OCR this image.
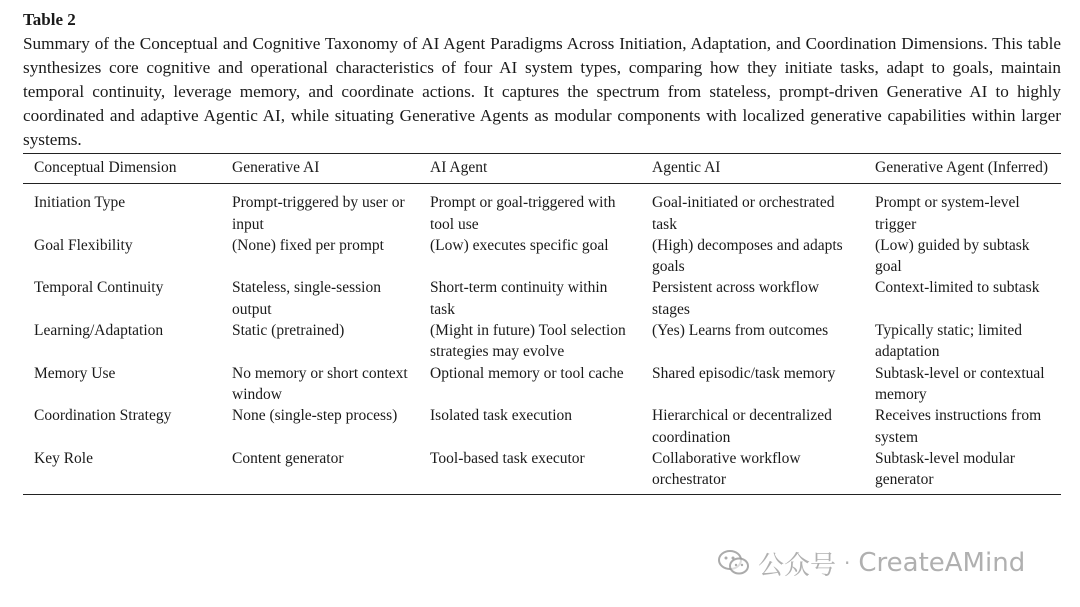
Table 2

Summary of the Conceptual and Cognitive Taxonomy of AI Agent Paradigms Across Initiation, Adaptation, and Coordination Dimensions. This table synthesizes core cognitive and operational characteristics of four AI system types, comparing how they initiate tasks, adapt to goals, maintain temporal continuity, leverage memory, and coordinate actions. It captures the spectrum from stateless, prompt-driven Generative AI to highly coordinated and adaptive Agentic AI, while situating Generative Agents as modular components with localized generative capabilities within larger systems.

Conceptual Dimension	Generative AI	AI Agent	Agentic AI	Generative Agent (Inferred)
Initiation Type	Prompt-triggered by user or input	Prompt or goal-triggered with tool use	Goal-initiated or orchestrated task	Prompt or system-level trigger
Goal Flexibility	(None) fixed per prompt	(Low) executes specific goal	(High) decomposes and adapts goals	(Low) guided by subtask goal
Temporal Continuity	Stateless, single-session output	Short-term continuity within task	Persistent across workflow stages	Context-limited to subtask
Learning/Adaptation	Static (pretrained)	(Might in future) Tool selection strategies may evolve	(Yes) Learns from outcomes	Typically static; limited adaptation
Memory Use	No memory or short context window	Optional memory or tool cache	Shared episodic/task memory	Subtask-level or contextual memory
Coordination Strategy	None (single-step process)	Isolated task execution	Hierarchical or decentralized coordination	Receives instructions from system
Key Role	Content generator	Tool-based task executor	Collaborative workflow orchestrator	Subtask-level modular generator
公众号 · CreateAMind
